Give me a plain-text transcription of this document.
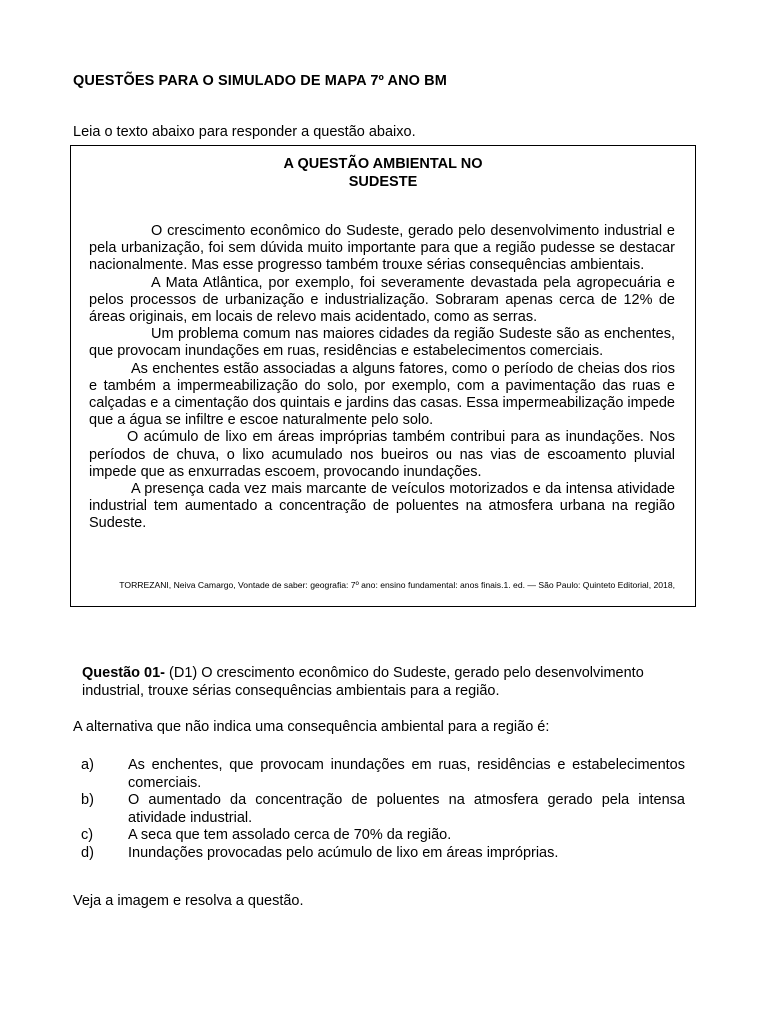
QUESTÕES PARA O SIMULADO DE MAPA 7º ANO BM
Leia o texto abaixo para responder a questão abaixo.
A QUESTÃO AMBIENTAL NO
SUDESTE

O crescimento econômico do Sudeste, gerado pelo desenvolvimento industrial e pela urbanização, foi sem dúvida muito importante para que a região pudesse se destacar nacionalmente. Mas esse progresso também trouxe sérias consequências ambientais.

A Mata Atlântica, por exemplo, foi severamente devastada pela agropecuária e pelos processos de urbanização e industrialização. Sobraram apenas cerca de 12% de áreas originais, em locais de relevo mais acidentado, como as serras.

Um problema comum nas maiores cidades da região Sudeste são as enchentes, que provocam inundações em ruas, residências e estabelecimentos comerciais.

As enchentes estão associadas a alguns fatores, como o período de cheias dos rios e também a impermeabilização do solo, por exemplo, com a pavimentação das ruas e calçadas e a cimentação dos quintais e jardins das casas. Essa impermeabilização impede que a água se infiltre e escoe naturalmente pelo solo.

O acúmulo de lixo em áreas impróprias também contribui para as inundações. Nos períodos de chuva, o lixo acumulado nos bueiros ou nas vias de escoamento pluvial impede que as enxurradas escoem, provocando inundações.

A presença cada vez mais marcante de veículos motorizados e da intensa atividade industrial tem aumentado a concentração de poluentes na atmosfera urbana na região Sudeste.

TORREZANI, Neiva Camargo, Vontade de saber: geografia: 7º ano: ensino fundamental: anos finais.1. ed. — São Paulo: Quinteto Editorial, 2018,
Questão 01- (D1) O crescimento econômico do Sudeste, gerado pelo desenvolvimento industrial, trouxe sérias consequências ambientais para a região.
A alternativa que não indica uma consequência ambiental para a região é:
a)	As enchentes, que provocam inundações em ruas, residências e estabelecimentos comerciais.
b)	O aumentado da concentração de poluentes na atmosfera gerado pela intensa atividade industrial.
c)	A seca que tem assolado cerca de 70% da região.
d)	Inundações provocadas pelo acúmulo de lixo em áreas impróprias.
Veja a imagem e resolva a questão.
